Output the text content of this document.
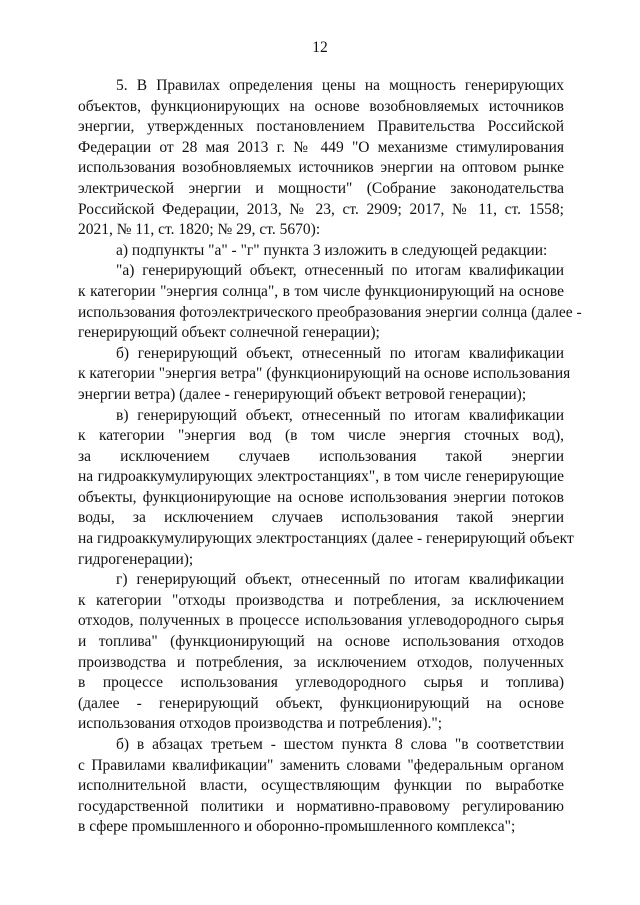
12
5. В Правилах определения цены на мощность генерирующих
объектов, функционирующих на основе возобновляемых источников
энергии, утвержденных постановлением Правительства Российской
Федерации от 28 мая 2013 г. № 449 "О механизме стимулирования
использования возобновляемых источников энергии на оптовом рынке
электрической энергии и мощности" (Собрание законодательства
Российской Федерации, 2013, № 23, ст. 2909; 2017, № 11, ст. 1558;
2021, № 11, ст. 1820; № 29, ст. 5670):
а) подпункты "а" - "г" пункта 3 изложить в следующей редакции:
"а) генерирующий объект, отнесенный по итогам квалификации
к категории "энергия солнца", в том числе функционирующий на основе
использования фотоэлектрического преобразования энергии солнца (далее -
генерирующий объект солнечной генерации);
б) генерирующий объект, отнесенный по итогам квалификации
к категории "энергия ветра" (функционирующий на основе использования
энергии ветра) (далее - генерирующий объект ветровой генерации);
в) генерирующий объект, отнесенный по итогам квалификации
к категории "энергия вод (в том числе энергия сточных вод),
за исключением случаев использования такой энергии
на гидроаккумулирующих электростанциях", в том числе генерирующие
объекты, функционирующие на основе использования энергии потоков
воды, за исключением случаев использования такой энергии
на гидроаккумулирующих электростанциях (далее - генерирующий объект
гидрогенерации);
г) генерирующий объект, отнесенный по итогам квалификации
к категории "отходы производства и потребления, за исключением
отходов, полученных в процессе использования углеводородного сырья
и топлива" (функционирующий на основе использования отходов
производства и потребления, за исключением отходов, полученных
в процессе использования углеводородного сырья и топлива)
(далее - генерирующий объект, функционирующий на основе
использования отходов производства и потребления).";
б) в абзацах третьем - шестом пункта 8 слова "в соответствии
с Правилами квалификации" заменить словами "федеральным органом
исполнительной власти, осуществляющим функции по выработке
государственной политики и нормативно-правовому регулированию
в сфере промышленного и оборонно-промышленного комплекса";
